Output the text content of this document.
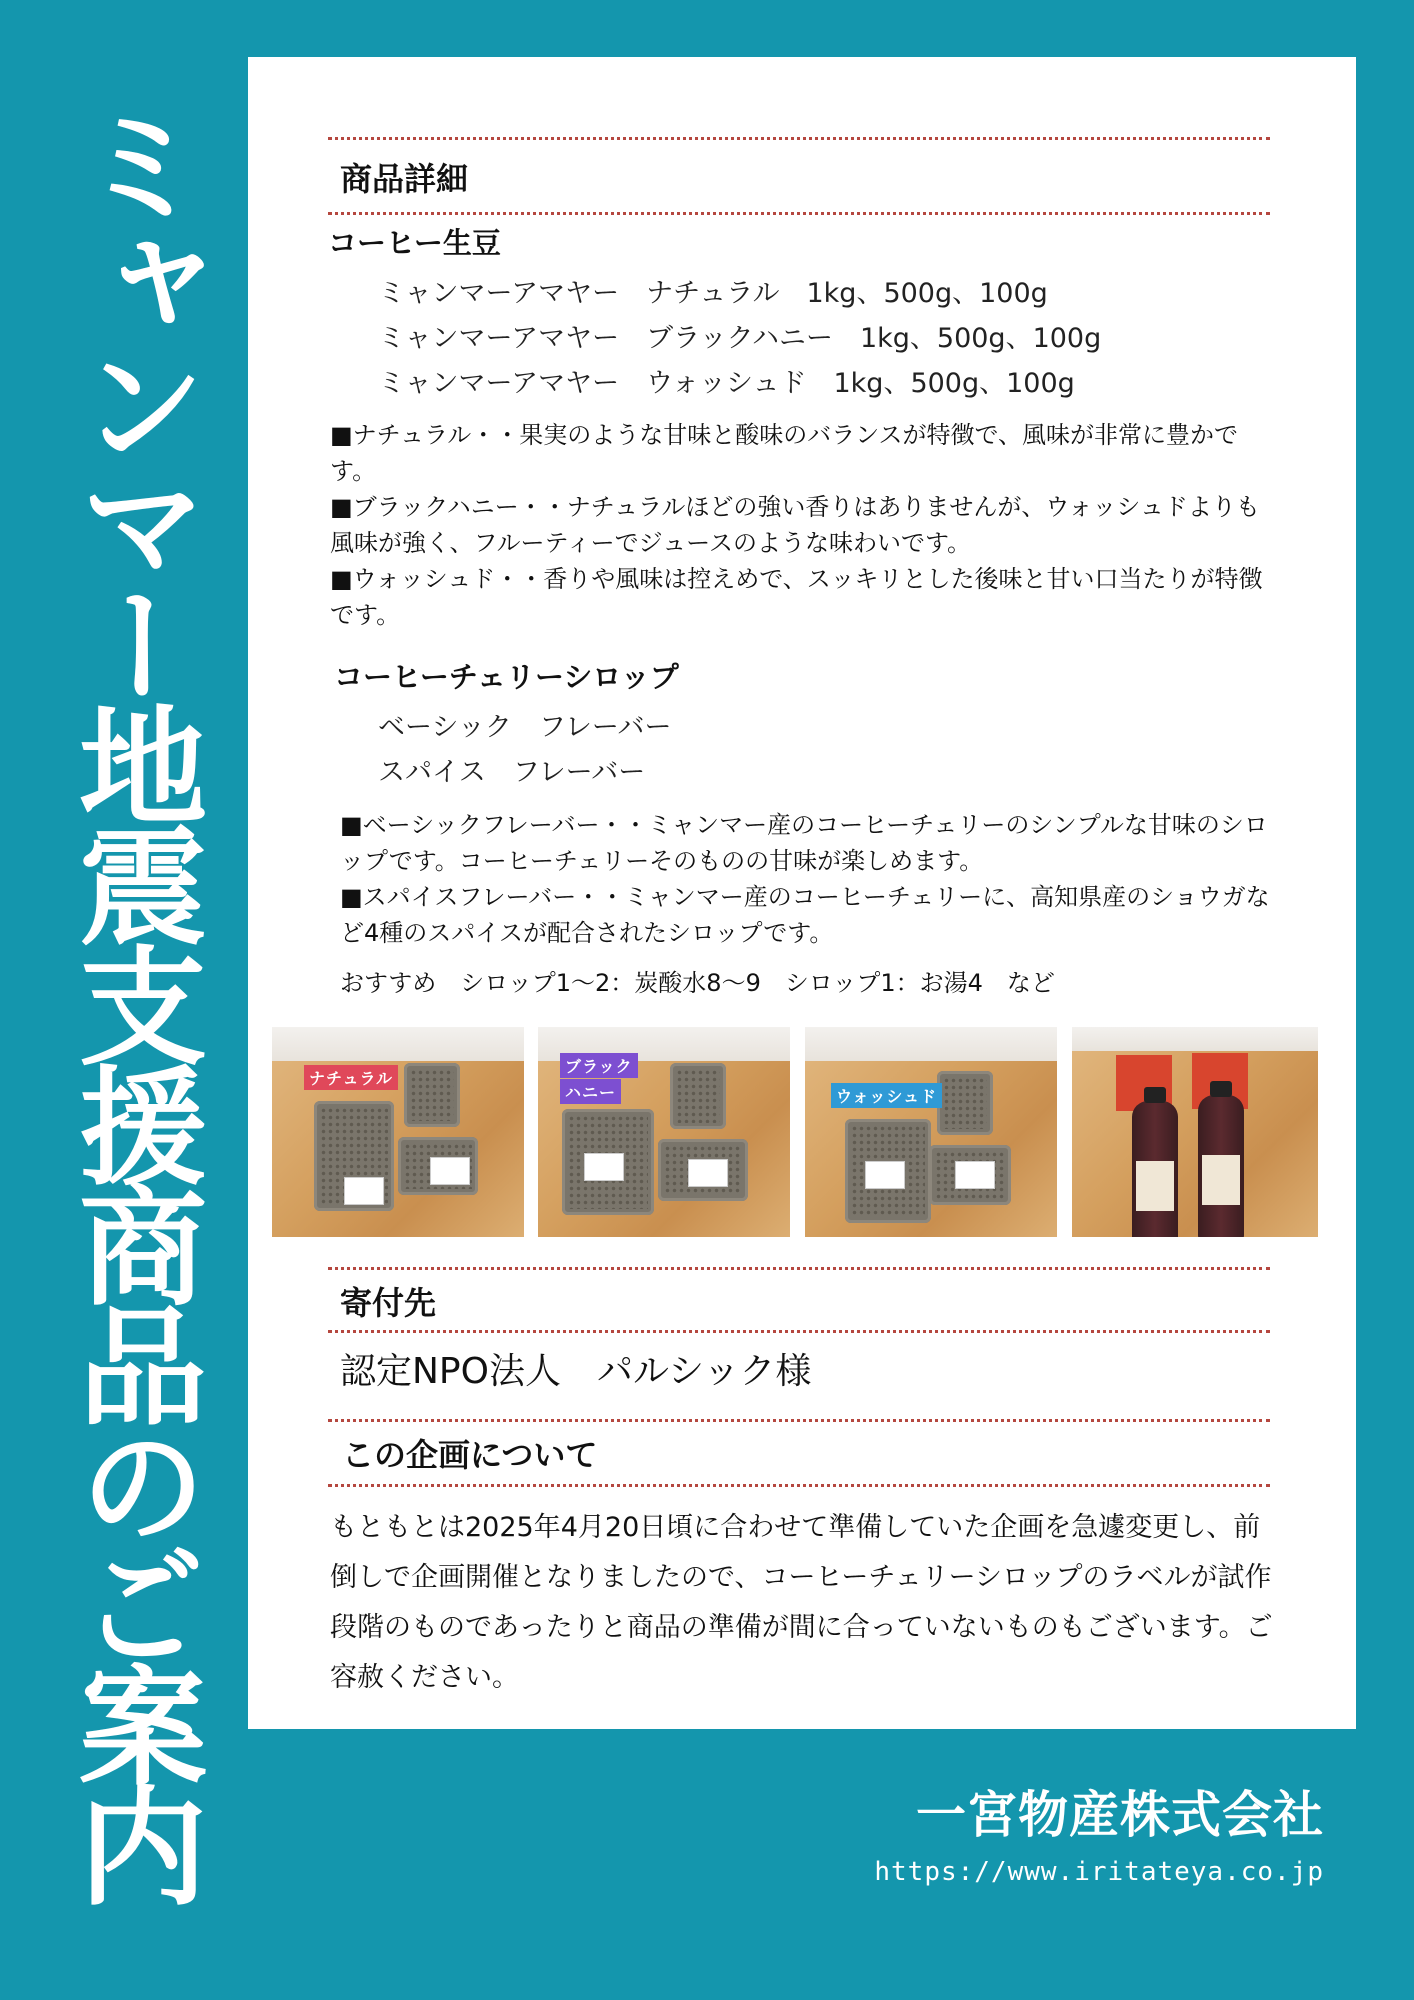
ミャンマー地震支援商品のご案内	商品詳細
コーヒー生豆
ミャンマーアマヤー　ナチュラル　1kg、500g、100g
ミャンマーアマヤー　ブラックハニー　1kg、500g、100g
ミャンマーアマヤー　ウォッシュド　1kg、500g、100g
■ナチュラル・・果実のような甘味と酸味のバランスが特徴で、風味が非常に豊かです。
■ブラックハニー・・ナチュラルほどの強い香りはありませんが、ウォッシュドよりも風味が強く、フルーティーでジュースのような味わいです。
■ウォッシュド・・香りや風味は控えめで、スッキリとした後味と甘い口当たりが特徴です。
コーヒーチェリーシロップ
ベーシック　フレーバー
スパイス　フレーバー
■ベーシックフレーバー・・ミャンマー産のコーヒーチェリーのシンプルな甘味のシロップです。コーヒーチェリーそのものの甘味が楽しめます。
■スパイスフレーバー・・ミャンマー産のコーヒーチェリーに、高知県産のショウガなど4種のスパイスが配合されたシロップです。
おすすめ　シロップ1〜2：炭酸水8〜9　シロップ1：お湯4　など
ナチュラル
ブラック
ハニー	ウォッシュド
寄付先
認定NPO法人　パルシック様
この企画について
もともとは2025年4月20日頃に合わせて準備していた企画を急遽変更し、前倒しで企画開催となりましたので、コーヒーチェリーシロップのラベルが試作段階のものであったりと商品の準備が間に合っていないものもございます。ご容赦ください。
一宮物産株式会社
https://www.iritateya.co.jp
